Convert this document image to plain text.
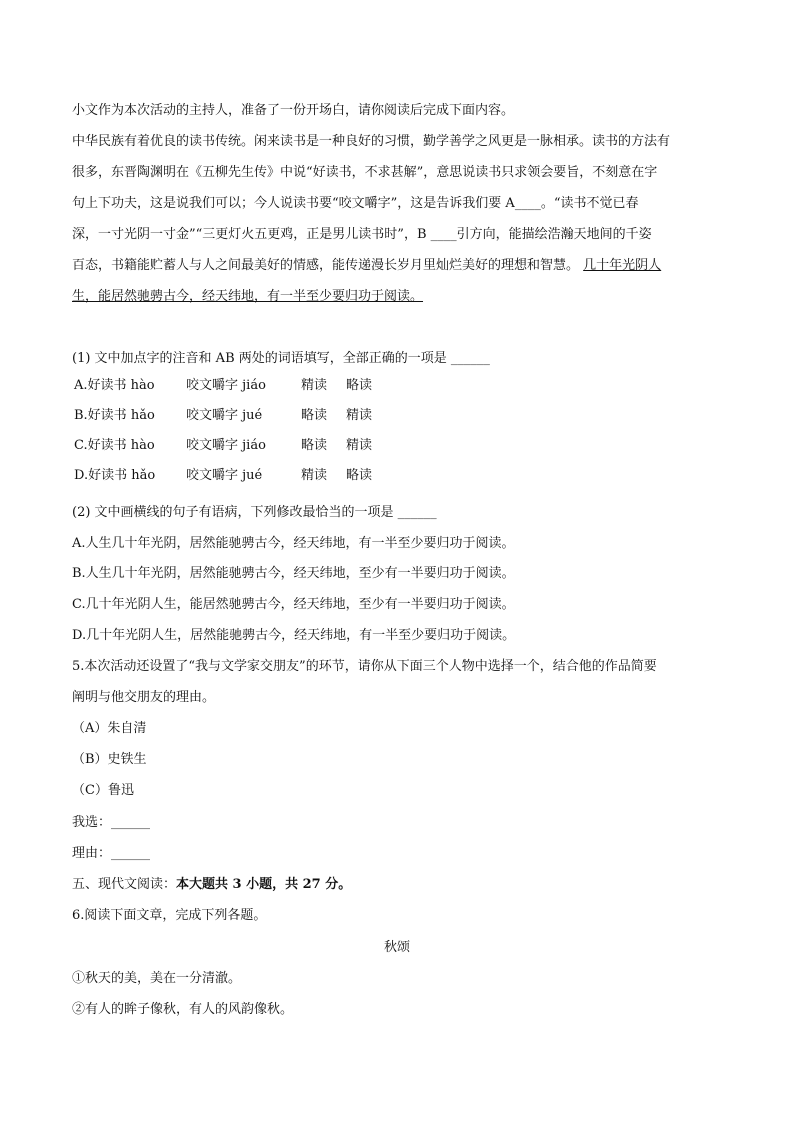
小文作为本次活动的主持人，准备了一份开场白，请你阅读后完成下面内容。
中华民族有着优良的读书传统。闲来读书是一种良好的习惯，勤学善学之风更是一脉相承。读书的方法有
很多，东晋陶渊明在《五柳先生传》中说“好读书，不求甚解”，意思说读书只求领会要旨，不刻意在字
句上下功夫，这是说我们可以；今人说读书要“咬文嚼字”，这是告诉我们要 A____。“读书不觉已春
深，一寸光阴一寸金”“三更灯火五更鸡，正是男儿读书时”，B ____引方向，能描绘浩瀚天地间的千姿
百态，书籍能贮蓄人与人之间最美好的情感，能传递漫长岁月里灿烂美好的理想和智慧。 几十年光阴人
生，能居然驰骋古今，经天纬地，有一半至少要归功于阅读。
(1) 文中加点字的注音和 AB 两处的词语填写，全部正确的一项是 ______
A.好读书 hào 咬文嚼字 jiáo	精读 略读
B.好读书 hǎo 咬文嚼字 jué	略读 精读
C.好读书 hào 咬文嚼字 jiáo	略读 精读
D.好读书 hǎo 咬文嚼字 jué	精读 略读
(2) 文中画横线的句子有语病，下列修改最恰当的一项是 ______
A.人生几十年光阴，居然能驰骋古今，经天纬地，有一半至少要归功于阅读。
B.人生几十年光阴，居然能驰骋古今，经天纬地，至少有一半要归功于阅读。
C.几十年光阴人生，能居然驰骋古今，经天纬地，至少有一半要归功于阅读。
D.几十年光阴人生，居然能驰骋古今，经天纬地，有一半至少要归功于阅读。
5.本次活动还设置了“我与文学家交朋友”的环节，请你从下面三个人物中选择一个，结合他的作品简要
阐明与他交朋友的理由。
（A）朱自清
（B）史铁生
（C）鲁迅
我选：______
理由：______
五、现代文阅读：本大题共 3 小题，共 27 分。
6.阅读下面文章，完成下列各题。
秋颂
①秋天的美，美在一分清澈。
②有人的眸子像秋，有人的风韵像秋。
